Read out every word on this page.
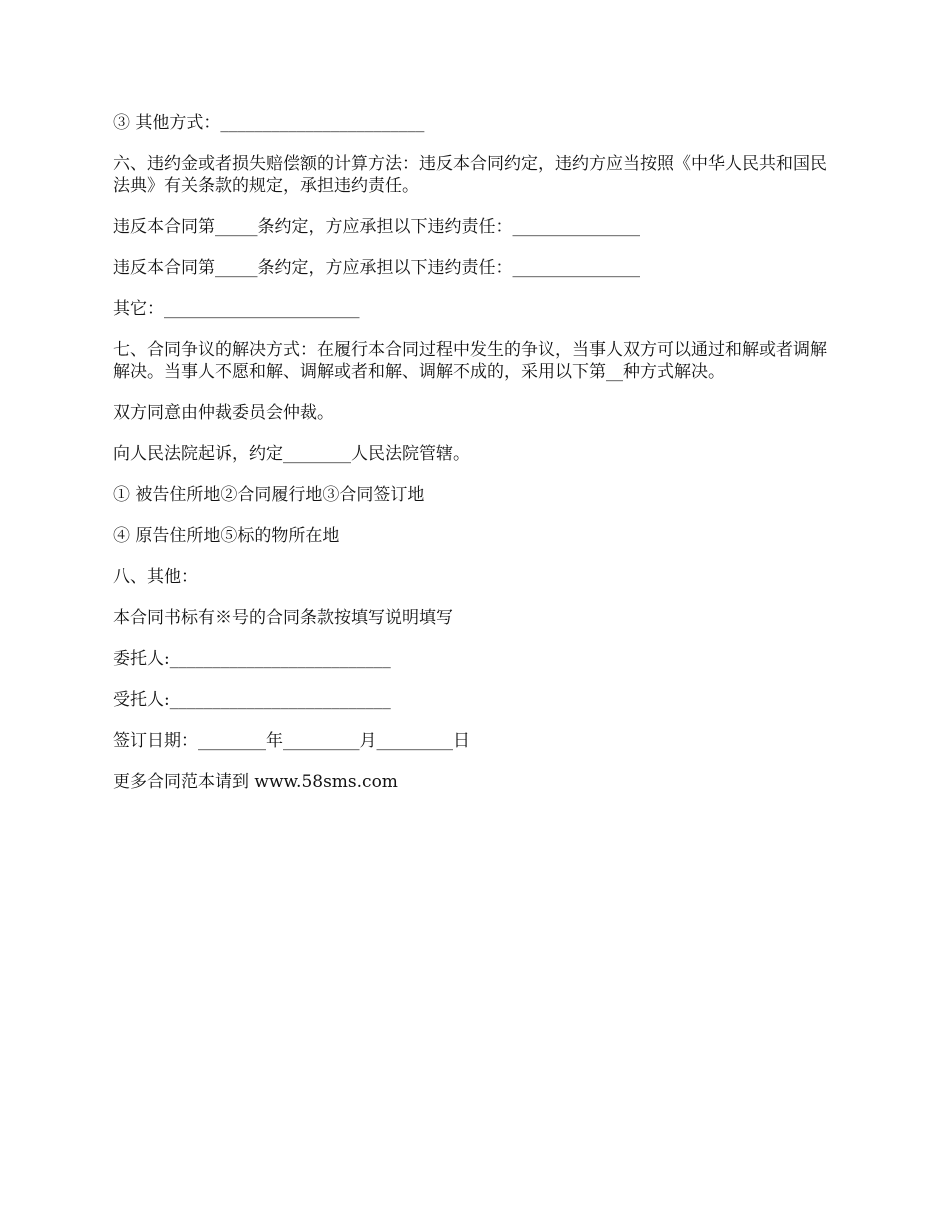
③ 其他方式：________________________

六、违约金或者损失赔偿额的计算方法：违反本合同约定，违约方应当按照《中华人民共和国民法典》有关条款的规定，承担违约责任。

违反本合同第_____条约定，方应承担以下违约责任：_______________

违反本合同第_____条约定，方应承担以下违约责任：_______________

其它：_______________________

七、合同争议的解决方式：在履行本合同过程中发生的争议，当事人双方可以通过和解或者调解解决。当事人不愿和解、调解或者和解、调解不成的，采用以下第__种方式解决。

双方同意由仲裁委员会仲裁。

向人民法院起诉，约定________人民法院管辖。

① 被告住所地②合同履行地③合同签订地

④ 原告住所地⑤标的物所在地

八、其他：

本合同书标有※号的合同条款按填写说明填写

委托人:__________________________

受托人:__________________________

签订日期：________年_________月_________日

更多合同范本请到 www.58sms.com
